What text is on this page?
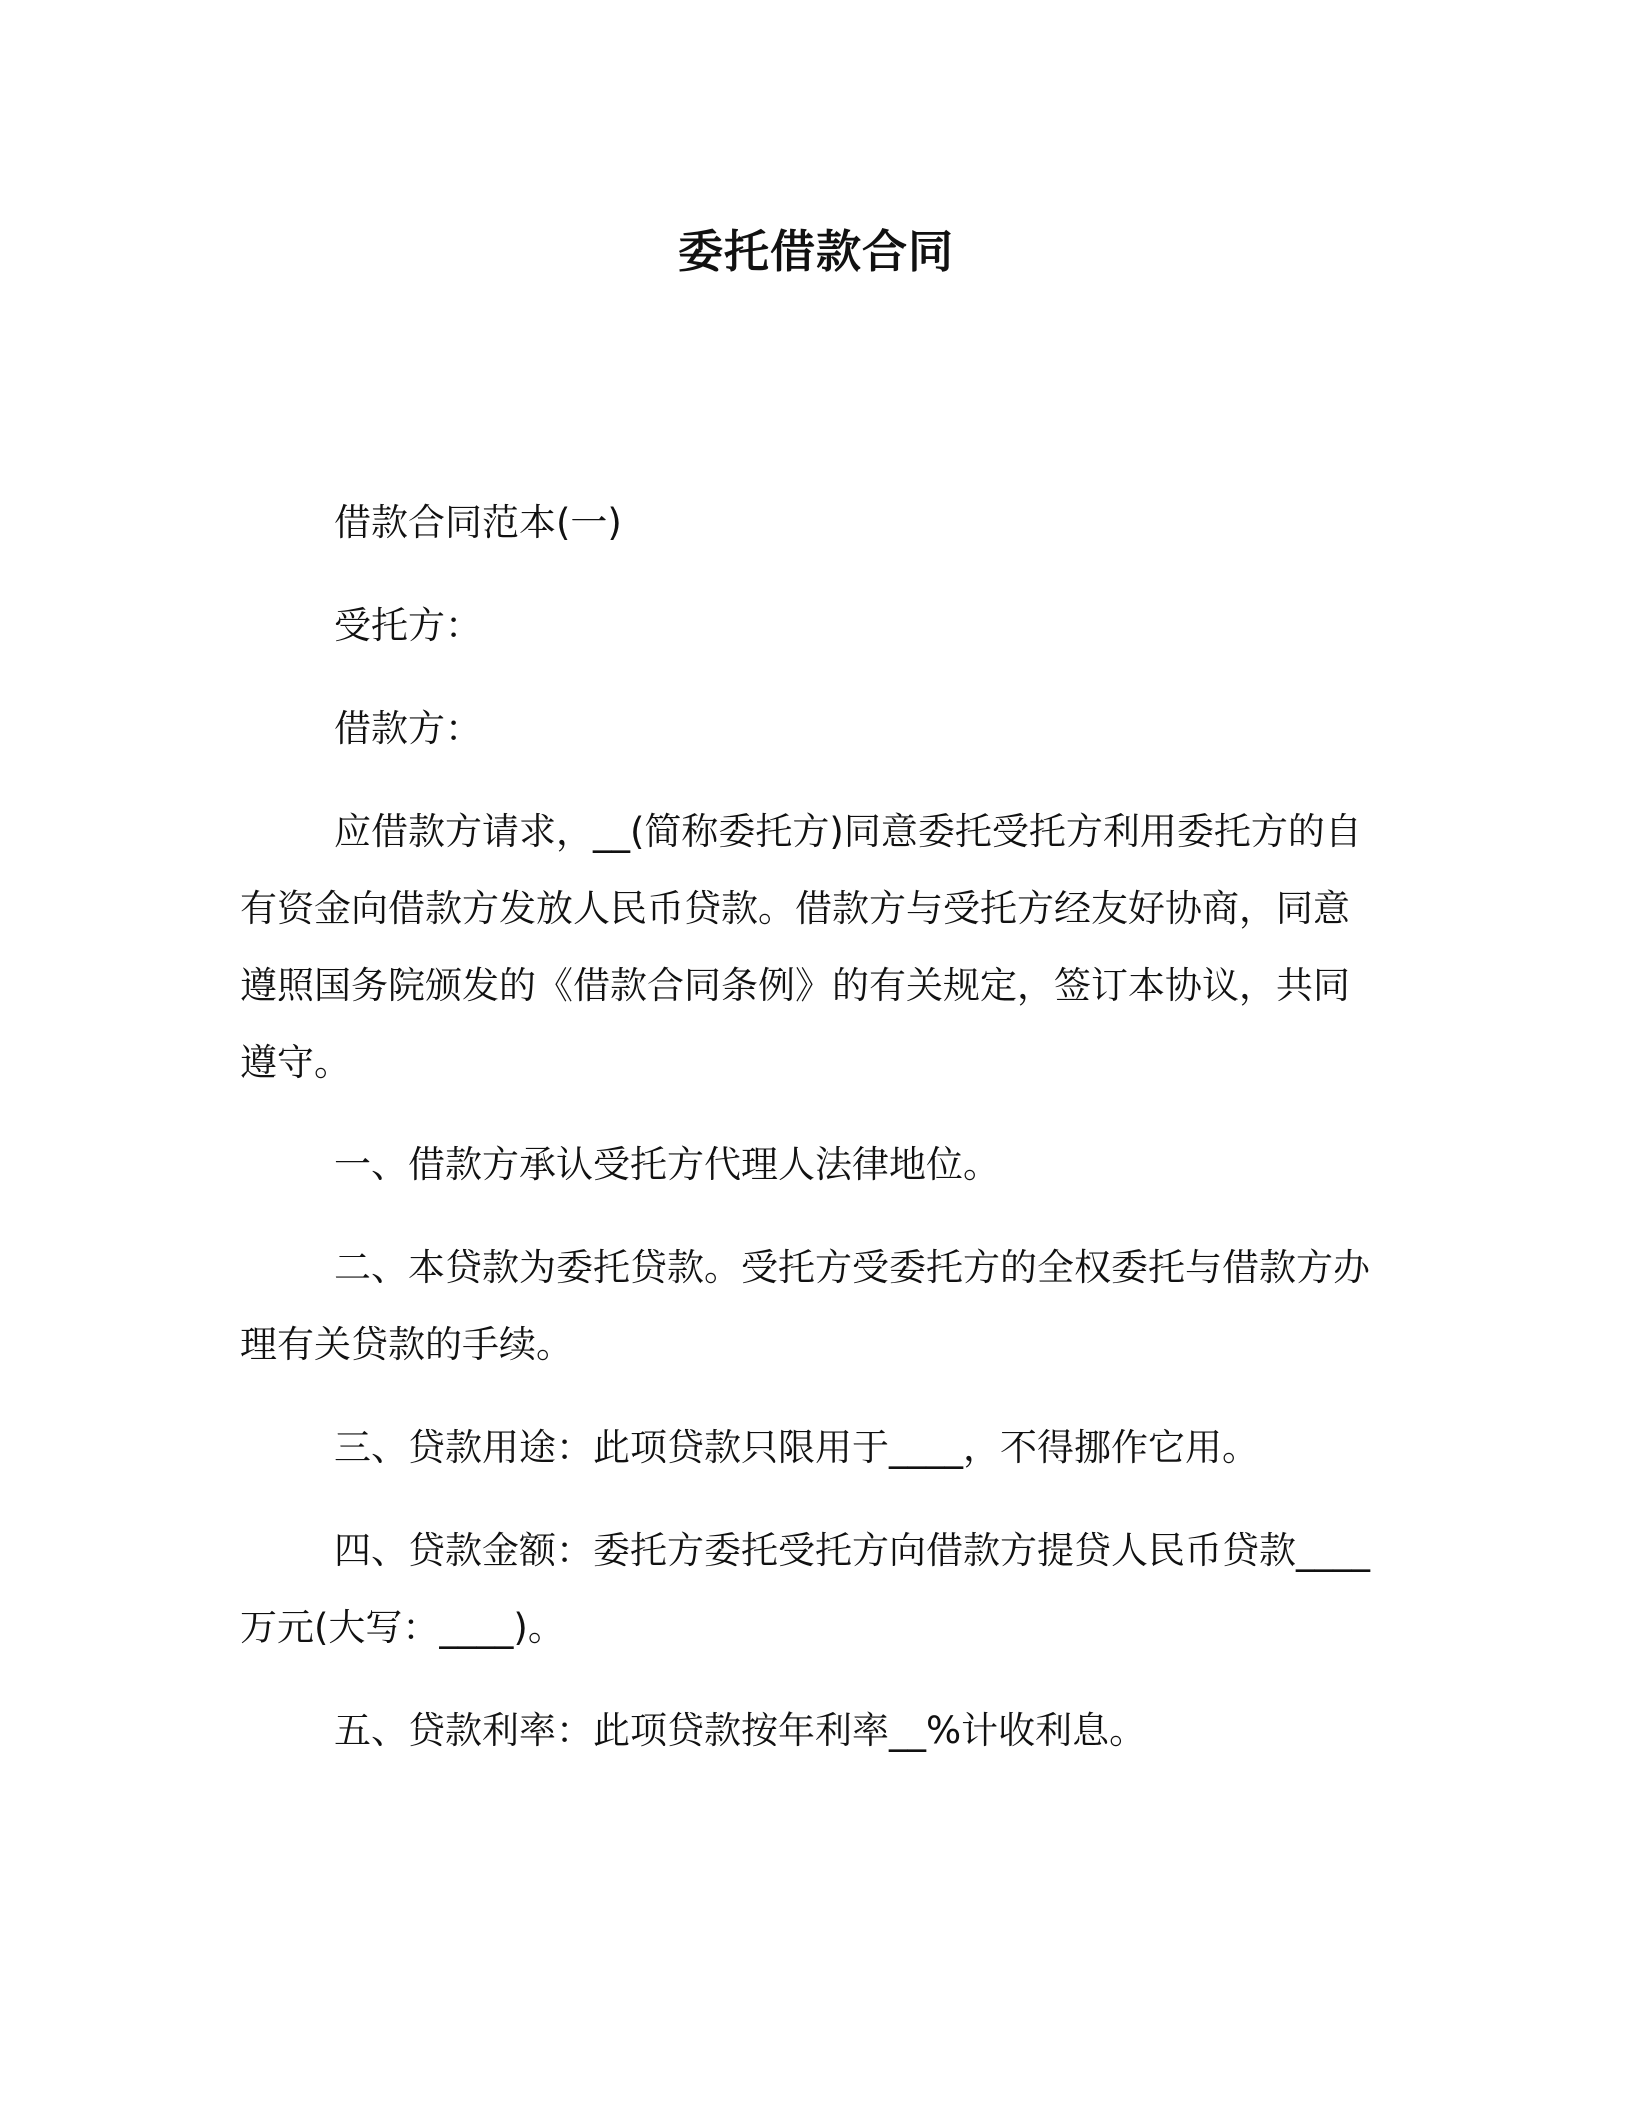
委托借款合同
借款合同范本(一)
受托方：
借款方：
应借款方请求，__(简称委托方)同意委托受托方利用委托方的自有资金向借款方发放人民币贷款。借款方与受托方经友好协商，同意遵照国务院颁发的《借款合同条例》的有关规定，签订本协议，共同遵守。
一、借款方承认受托方代理人法律地位。
二、本贷款为委托贷款。受托方受委托方的全权委托与借款方办理有关贷款的手续。
三、贷款用途：此项贷款只限用于____，不得挪作它用。
四、贷款金额：委托方委托受托方向借款方提贷人民币贷款____万元(大写：____)。
五、贷款利率：此项贷款按年利率__%计收利息。
